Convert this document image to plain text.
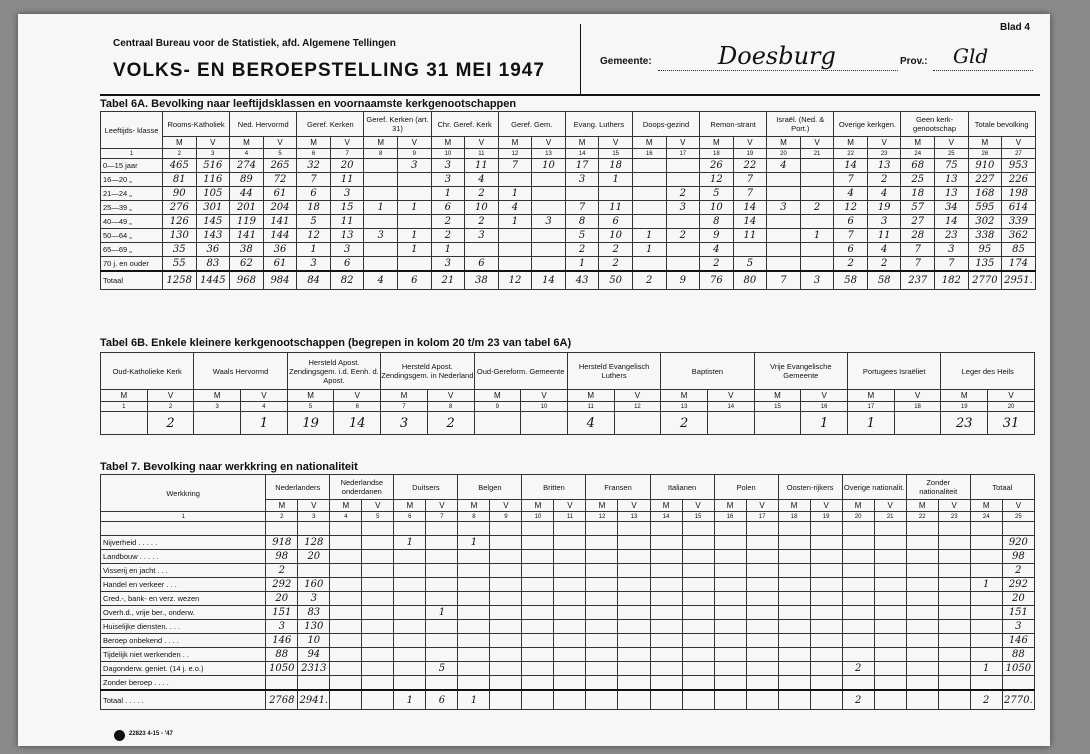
Blad 4
Centraal Bureau voor de Statistiek, afd. Algemene Tellingen
VOLKS- EN BEROEPSTELLING 31 MEI 1947	Gemeente:	Doesburg	Prov.: Gld
Tabel 6A. Bevolking naar leeftijdsklassen en voornaamste kerkgenootschappen
Leeftijds- klasse	Rooms-Katholiek		Ned. Hervormd		Geref. Kerken		Geref. Kerken (art. 31)		Chr. Geref. Kerk		Geref. Gem.		Evang. Luthers		Doops-gezind		Remon-strant		Israël. (Ned. & Port.)		Overige kerkgen.		Geen kerk-genootschap		Totale bevolking	
	M	V	M	V	M	V	M	V	M	V	M	V	M	V	M	V	M	V	M	V	M	V	M	V	M	V
1	2	3	4	5	6	7	8	9	10	11	12	13	14	15	16	17	18	19	20	21	22	23	24	25	26	27
0—15 jaar	465	516	274	265	32	20		3	3	11	7	10	17	18			26	22	4		14	13	68	75	910	953
16—20 „	81	116	89	72	7	11			3	4			3	1			12	7			7	2	25	13	227	226
21—24 „	90	105	44	61	6	3			1	2	1					2	5	7			4	4	18	13	168	198
25—39 „	276	301	201	204	18	15	1	1	6	10	4		7	11		3	10	14	3	2	12	19	57	34	595	614
40—49 „	126	145	119	141	5	11			2	2	1	3	8	6			8	14			6	3	27	14	302	339
50—64 „	130	143	141	144	12	13	3	1	2	3			5	10	1	2	9	11		1	7	11	28	23	338	362
65—69 „	35	36	38	36	1	3		1	1				2	2	1		4				6	4	7	3	95	85
70 j. en ouder	55	83	62	61	3	6			3	6			1	2			2	5			2	2	7	7	135	174
Totaal	1258	1445	968	984	84	82	4	6	21	38	12	14	43	50	2	9	76	80	7	3	58	58	237	182	2770	2951.
Tabel 6B. Enkele kleinere kerkgenootschappen (begrepen in kolom 20 t/m 23 van tabel 6A)
Oud-Katholieke Kerk		Waals Hervormd		Hersteld Apost. Zendingsgem. i.d. Eenh. d. Apost.		Hersteld Apost. Zendingsgem. in Nederland		Oud-Gereform. Gemeente		Hersteld Evangelisch Luthers		Baptisten		Vrije Evangelische Gemeente		Portugees Israëliet		Leger des Heils	
M	V	M	V	M	V	M	V	M	V	M	V	M	V	M	V	M	V	M	V
1	2	3	4	5	6	7	8	9	10	11	12	13	14	15	16	17	18	19	20
	2		1	19	14	3	2			4		2			1	1		23	31
Tabel 7. Bevolking naar werkkring en nationaliteit
Werkkring	Nederlanders		Nederlandse onderdanen		Duitsers		Belgen		Britten		Fransen		Italianen		Polen		Oosten-rijkers		Overige nationalit.		Zonder nationaliteit		Totaal	
	M	V	M	V	M	V	M	V	M	V	M	V	M	V	M	V	M	V	M	V	M	V	M	V
1	2	3	4	5	6	7	8	9	10	11	12	13	14	15	16	17	18	19	20	21	22	23	24	25

Nijverheid . . . . .	918	128			1		1																	920
Landbouw . . . . .	98	20																						98
Visserij en jacht . . .	2																							2
Handel en verkeer . . .	292	160																					1	292
Cred.-, bank- en verz. wezen	20	3																						20
Overh.d., vrije ber., onderw.	151	83				1																		151
Huiselijke diensten. . . .	3	130																						3
Beroep onbekend . . . .	146	10																						146
Tijdelijk niet werkenden . .	88	94																						88
Dagonderw. geniet. (14 j. e.o.)	1050	2313				5													2				1	1050
Zonder beroep . . . .																								
Totaal . . . . .	2768	2941.			1	6	1												2				2	2770.
22823 4-15 - '47
